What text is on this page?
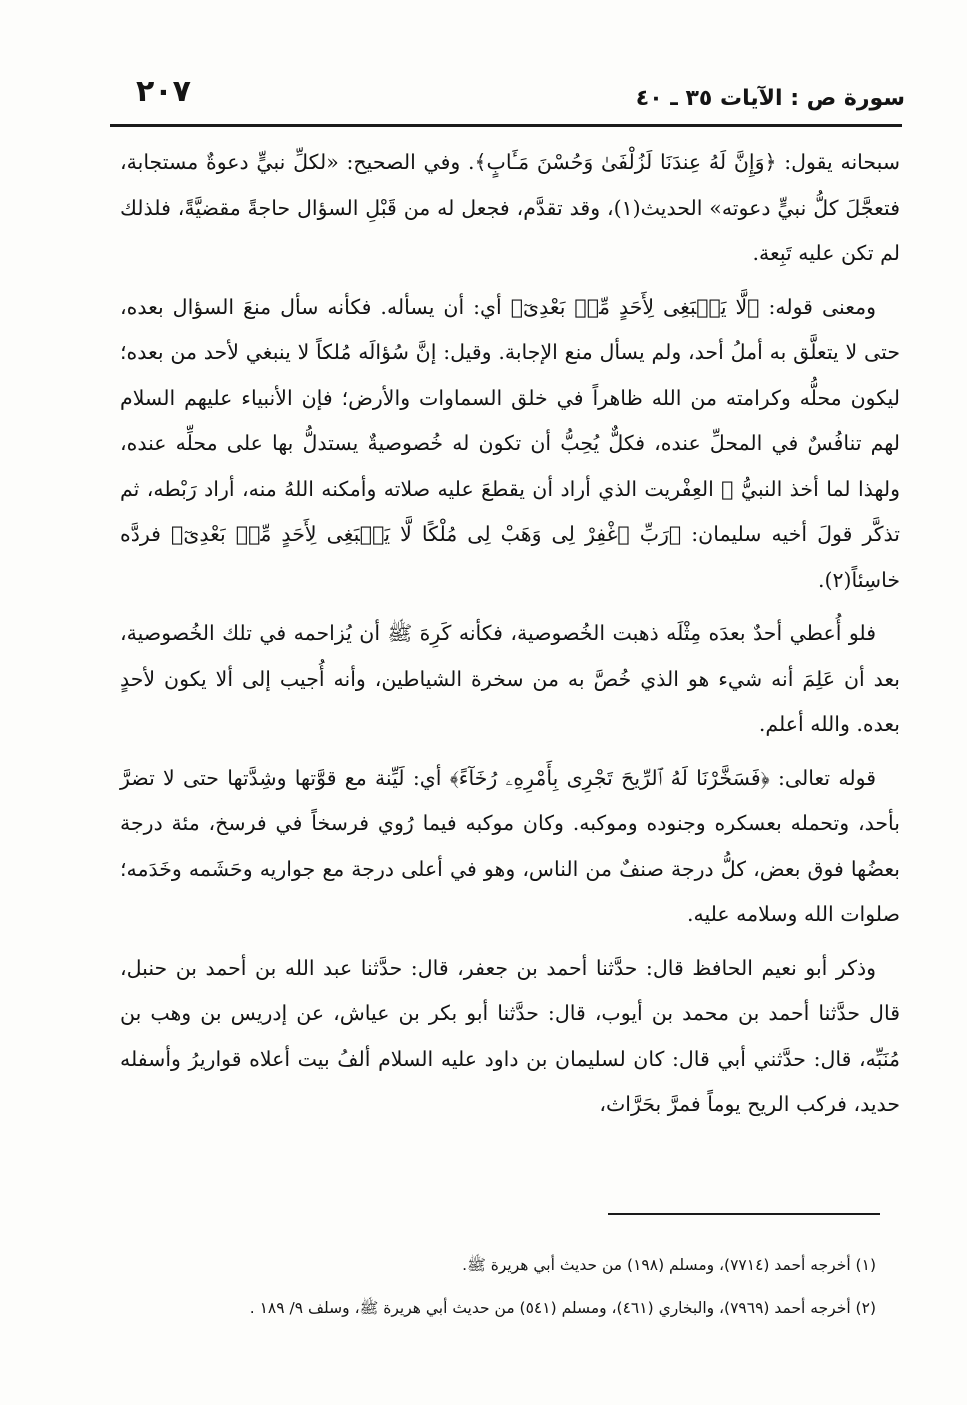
سورة ص : الآيات ٣٥ ـ ٤٠
٢٠٧

سبحانه يقول: ﴿وَإِنَّ لَهُ عِندَنَا لَزُلْفَىٰ وَحُسْنَ مَـَٔابٍ﴾. وفي الصحيح: «لكلِّ نبيٍّ دعوةٌ مستجابة، فتعجَّلَ كلُّ نبيٍّ دعوته» الحديث(١)، وقد تقدَّم، فجعل له من قَبْلِ السؤال حاجةً مقضيَّةً، فلذلك لم تكن عليه تَبِعة.

ومعنى قوله: ﴿لَّا يَنۢبَغِى لِأَحَدٍ مِّنۢ بَعْدِىٓ﴾ أي: أن يسأله. فكأنه سأل منعَ السؤال بعده، حتى لا يتعلَّق به أملُ أحد، ولم يسأل منع الإجابة. وقيل: إنَّ سُؤالَه مُلكاً لا ينبغي لأحد من بعده؛ ليكون محلُّه وكرامته من الله ظاهراً في خلق السماوات والأرض؛ فإن الأنبياء عليهم السلام لهم تنافُسٌ في المحلِّ عنده، فكلٌّ يُحِبُّ أن تكون له خُصوصيةٌ يستدلُّ بها على محلِّه عنده، ولهذا لما أخذ النبيُّ ﷺ العِفْريت الذي أراد أن يقطعَ عليه صلاته وأمكنه اللهُ منه، أراد رَبْطه، ثم تذكَّر قولَ أخيه سليمان: ﴿رَبِّ ٱغْفِرْ لِى وَهَبْ لِى مُلْكًا لَّا يَنۢبَغِى لِأَحَدٍ مِّنۢ بَعْدِىٓ﴾ فردَّه خاسِئاً(٢).

فلو أُعطي أحدٌ بعدَه مِثْلَه ذهبت الخُصوصية، فكأنه كَرِهَ ﷺ أن يُزاحمه في تلك الخُصوصية، بعد أن عَلِمَ أنه شيء هو الذي خُصَّ به من سخرة الشياطين، وأنه أُجيب إلى ألا يكون لأحدٍ بعده. والله أعلم.

قوله تعالى: ﴿فَسَخَّرْنَا لَهُ ٱلرِّيحَ تَجْرِى بِأَمْرِهِۦ رُخَآءً﴾ أي: لَيِّنة مع قوَّتها وشِدَّتها حتى لا تضرَّ بأحد، وتحمله بعسكره وجنوده وموكبه. وكان موكبه فيما رُوي فرسخاً في فرسخ، مئة درجة بعضُها فوق بعض، كلُّ درجة صنفٌ من الناس، وهو في أعلى درجة مع جواريه وحَشَمه وخَدَمه؛ صلوات الله وسلامه عليه.

وذكر أبو نعيم الحافظ قال: حدَّثنا أحمد بن جعفر، قال: حدَّثنا عبد الله بن أحمد بن حنبل، قال حدَّثنا أحمد بن محمد بن أيوب، قال: حدَّثنا أبو بكر بن عياش، عن إدريس بن وهب بن مُنَبِّه، قال: حدَّثني أبي قال: كان لسليمان بن داود عليه السلام ألفُ بيت أعلاه قواريرُ وأسفله حديد، فركب الريح يوماً فمرَّ بحَرَّاث،

(١) أخرجه أحمد (٧٧١٤)، ومسلم (١٩٨) من حديث أبي هريرة ﷺ.
(٢) أخرجه أحمد (٧٩٦٩)، والبخاري (٤٦١)، ومسلم (٥٤١) من حديث أبي هريرة ﷺ، وسلف ٩/ ١٨٩ .
